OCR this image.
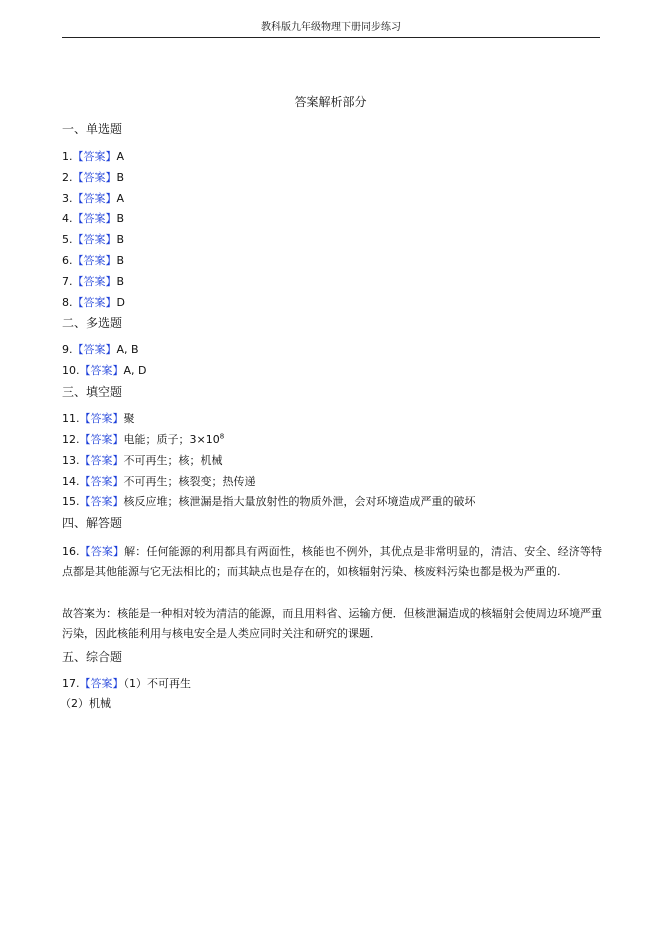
教科版九年级物理下册同步练习
答案解析部分
一、单选题
1.【答案】A
2.【答案】B
3.【答案】A
4.【答案】B
5.【答案】B
6.【答案】B
7.【答案】B
8.【答案】D
二、多选题
9.【答案】A, B
10.【答案】A, D
三、填空题
11.【答案】聚
12.【答案】电能；质子；$3\times 10^8$
13.【答案】不可再生；核；机械
14.【答案】不可再生；核裂变；热传递
15.【答案】核反应堆；核泄漏是指大量放射性的物质外泄，会对环境造成严重的破坏
四、解答题
16.【答案】解：任何能源的利用都具有两面性，核能也不例外，其优点是非常明显的，清洁、安全、经济等特点都是其他能源与它无法相比的；而其缺点也是存在的，如核辐射污染、核废料污染也都是极为严重的.
故答案为：核能是一种相对较为清洁的能源，而且用料省、运输方便．但核泄漏造成的核辐射会使周边环境严重污染，因此核能利用与核电安全是人类应同时关注和研究的课题．
五、综合题
17.【答案】（1）不可再生
（2）机械
